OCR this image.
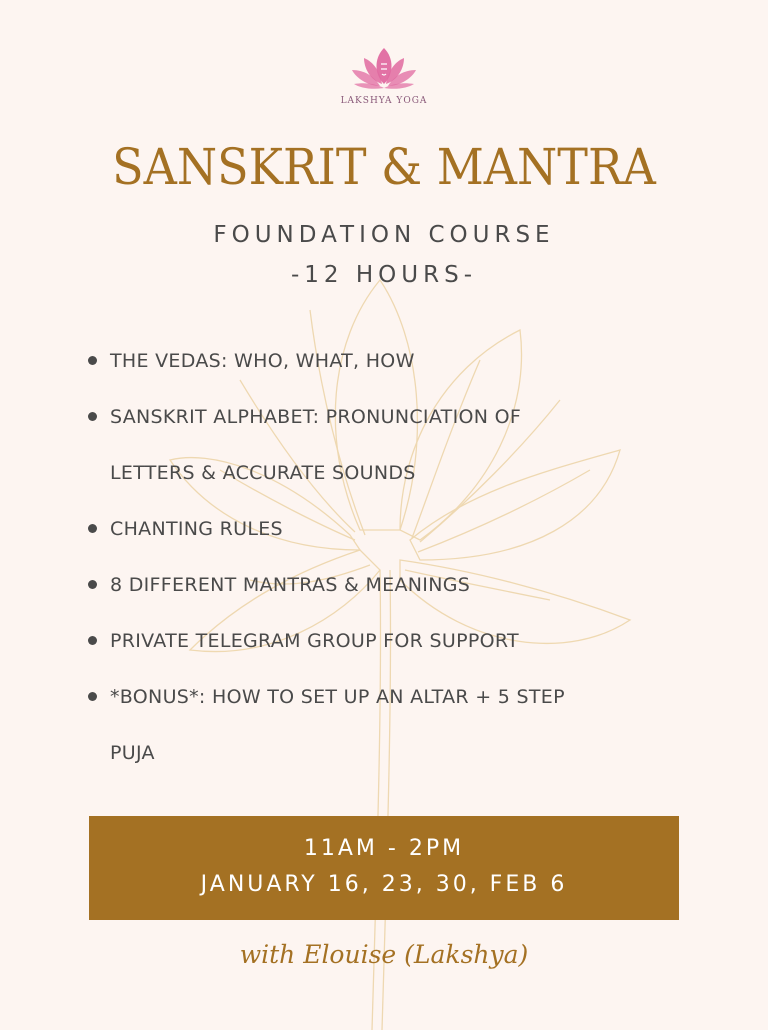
LAKSHYA YOGA
SANSKRIT & MANTRA
FOUNDATION COURSE
-12 HOURS-
THE VEDAS: WHO, WHAT, HOW
SANSKRIT ALPHABET: PRONUNCIATION OF
LETTERS & ACCURATE SOUNDS
CHANTING RULES
8 DIFFERENT MANTRAS & MEANINGS
PRIVATE TELEGRAM GROUP FOR SUPPORT
*BONUS*: HOW TO SET UP AN ALTAR + 5 STEP
PUJA
11AM - 2PM
JANUARY 16, 23, 30, FEB 6
with Elouise (Lakshya)
